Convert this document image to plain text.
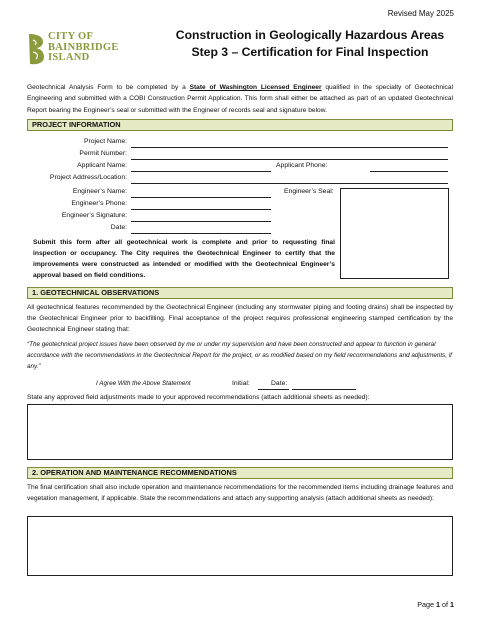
Revised May 2025
CITY OF
BAINBRIDGE
ISLAND
Construction in Geologically Hazardous Areas
Step 3 – Certification for Final Inspection
Geotechnical Analysis Form to be completed by a State of Washington Licensed Engineer qualified in the specialty of Geotechnical Engineering and submitted with a COBI Construction Permit Application. This form shall either be attached as part of an updated Geotechnical Report bearing the Engineer’s seal or submitted with the Engineer of records seal and signature below.
PROJECT INFORMATION
Project Name:
Permit Number:
Applicant Name:	Applicant Phone:
Project Address/Location:
Engineer’s Name:	Engineer’s Seal:
Engineer’s Phone:
Engineer’s Signature:
Date:
Submit this form after all geotechnical work is complete and prior to requesting final inspection or occupancy. The City requires the Geotechnical Engineer to certify that the improvements were constructed as intended or modified with the Geotechnical Engineer’s approval based on field conditions.
1. GEOTECHNICAL OBSERVATIONS
All geotechnical features recommended by the Geotechnical Engineer (including any stormwater piping and footing drains) shall be inspected by the Geotechnical Engineer prior to backfilling. Final acceptance of the project requires professional engineering stamped certification by the Geotechnical Engineer stating that:
“The geotechnical project issues have been observed by me or under my supervision and have been constructed and appear to function in general accordance with the recommendations in the Geotechnical Report for the project, or as modified based on my field recommendations and adjustments, if any.”
I Agree With the Above Statement	Initial:	Date:
State any approved field adjustments made to your approved recommendations (attach additional sheets as needed):
2. OPERATION AND MAINTENANCE RECOMMENDATIONS
The final certification shall also include operation and maintenance recommendations for the recommended items including drainage features and vegetation management, if applicable. State the recommendations and attach any supporting analysis (attach additional sheets as needed):
Page 1 of 1
